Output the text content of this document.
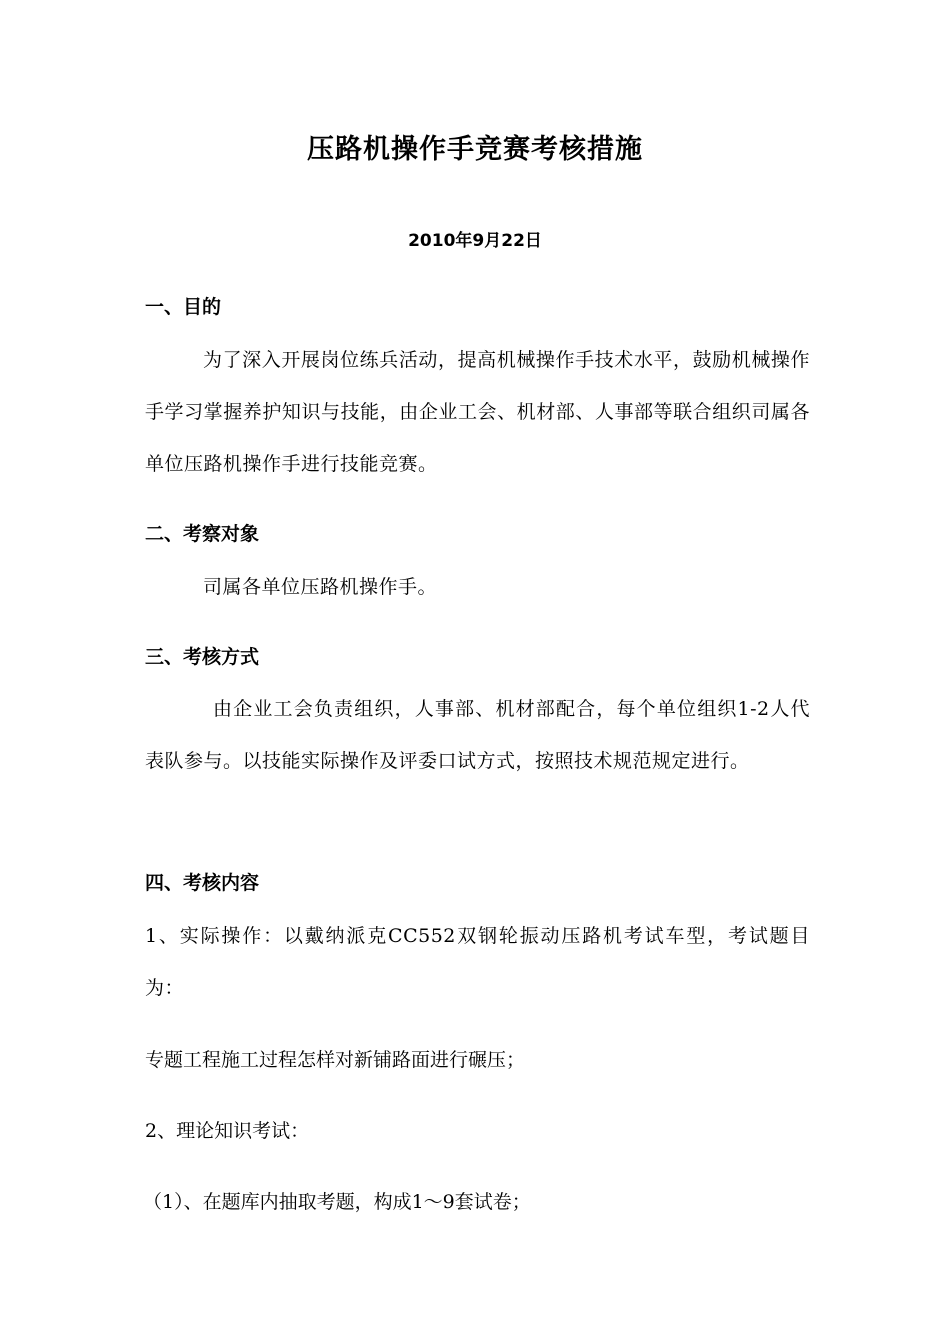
压路机操作手竞赛考核措施
2010年9月22日
一、目的
为了深入开展岗位练兵活动，提高机械操作手技术水平，鼓励机械操作手学习掌握养护知识与技能，由企业工会、机材部、人事部等联合组织司属各单位压路机操作手进行技能竞赛。
二、考察对象
司属各单位压路机操作手。
三、考核方式
由企业工会负责组织，人事部、机材部配合，每个单位组织1-2人代表队参与。以技能实际操作及评委口试方式，按照技术规范规定进行。
四、考核内容
1、实际操作：以戴纳派克CC552双钢轮振动压路机考试车型，考试题目为：
专题工程施工过程怎样对新铺路面进行碾压；
2、理论知识考试：
（1）、在题库内抽取考题，构成1～9套试卷；
